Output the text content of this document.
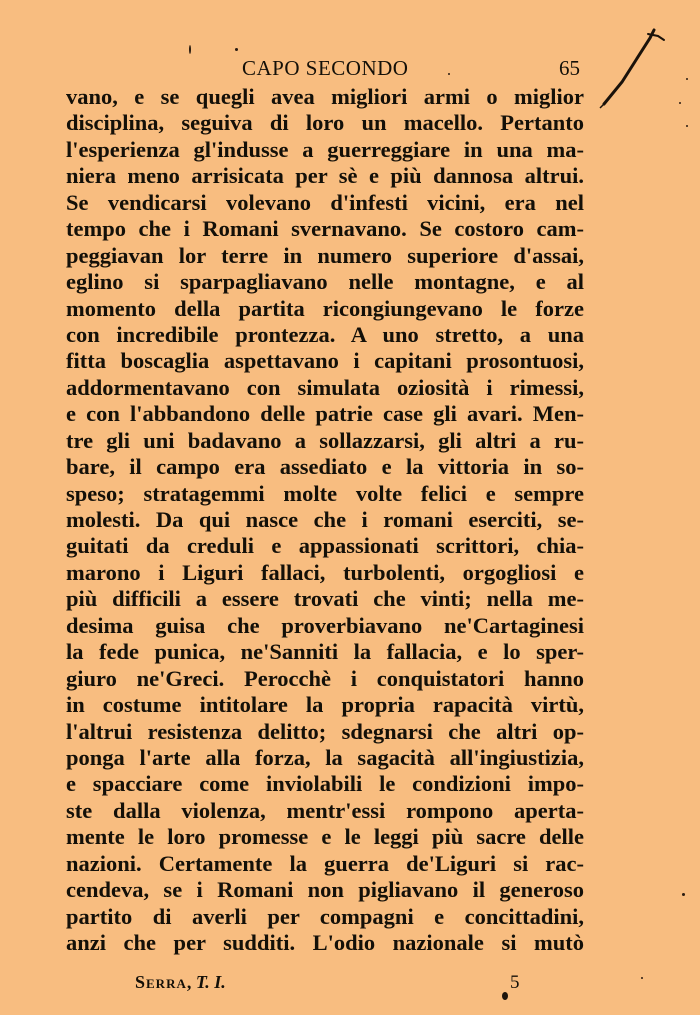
CAPO SECONDO	65
vano, e se quegli avea migliori armi o miglior
disciplina, seguiva di loro un macello. Pertanto
l'esperienza gl'indusse a guerreggiare in una ma-
niera meno arrisicata per sè e più dannosa altrui.
Se vendicarsi volevano d'infesti vicini, era nel
tempo che i Romani svernavano. Se costoro cam-
peggiavan lor terre in numero superiore d'assai,
eglino si sparpagliavano nelle montagne, e al
momento della partita ricongiungevano le forze
con incredibile prontezza. A uno stretto, a una
fitta boscaglia aspettavano i capitani prosontuosi,
addormentavano con simulata oziosità i rimessi,
e con l'abbandono delle patrie case gli avari. Men-
tre gli uni badavano a sollazzarsi, gli altri a ru-
bare, il campo era assediato e la vittoria in so-
speso; stratagemmi molte volte felici e sempre
molesti. Da qui nasce che i romani eserciti, se-
guitati da creduli e appassionati scrittori, chia-
marono i Liguri fallaci, turbolenti, orgogliosi e
più difficili a essere trovati che vinti; nella me-
desima guisa che proverbiavano ne'Cartaginesi
la fede punica, ne'Sanniti la fallacia, e lo sper-
giuro ne'Greci. Perocchè i conquistatori hanno
in costume intitolare la propria rapacità virtù,
l'altrui resistenza delitto; sdegnarsi che altri op-
ponga l'arte alla forza, la sagacità all'ingiustizia,
e spacciare come inviolabili le condizioni impo-
ste dalla violenza, mentr'essi rompono aperta-
mente le loro promesse e le leggi più sacre delle
nazioni. Certamente la guerra de'Liguri si rac-
cendeva, se i Romani non pigliavano il generoso
partito di averli per compagni e concittadini,
anzi che per sudditi. L'odio nazionale si mutò
Serra, T. I.	5
